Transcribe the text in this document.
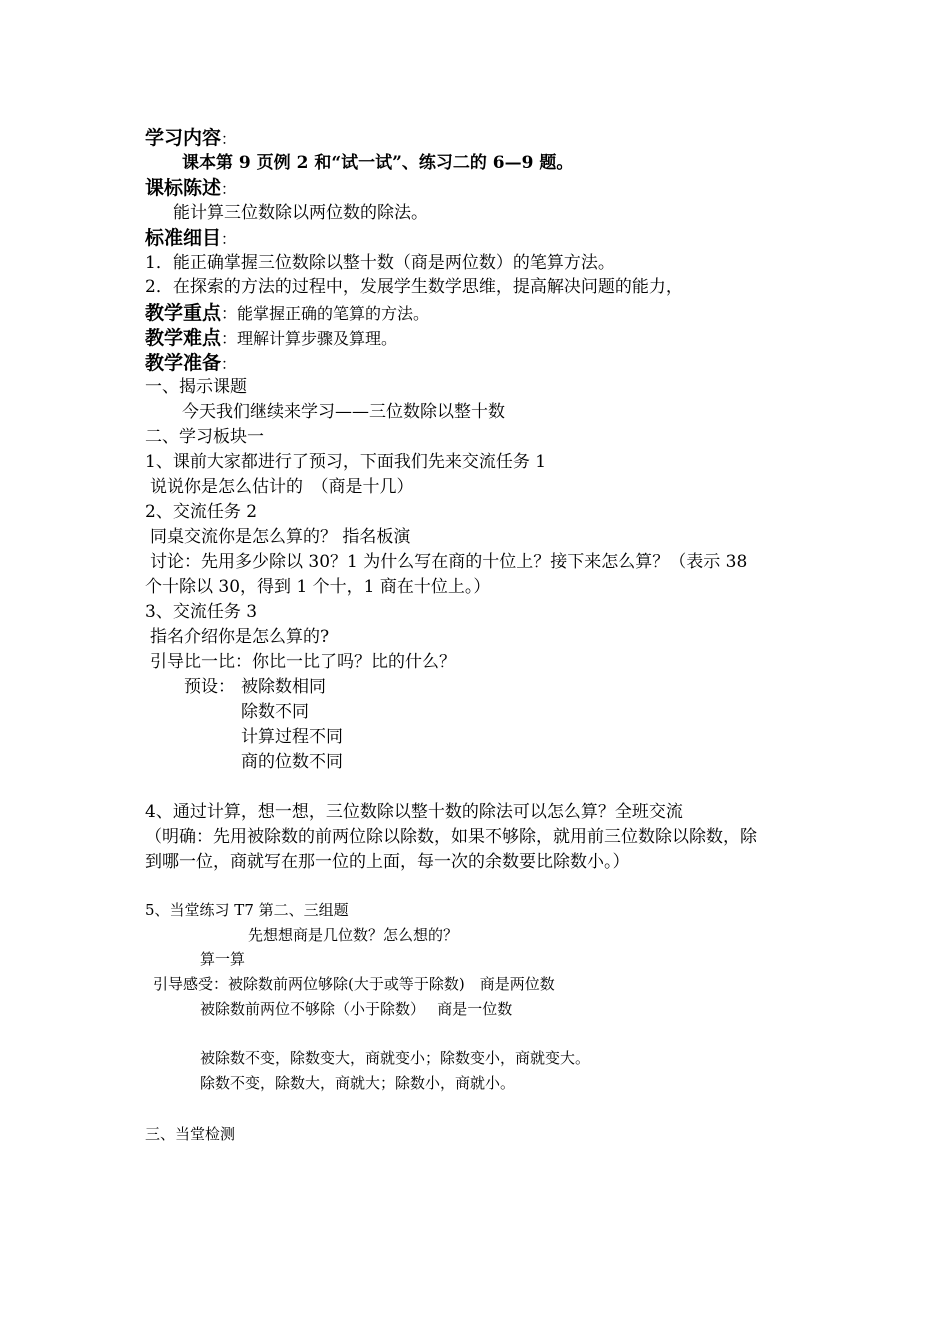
学习内容：
课本第 9 页例 2 和“试一试”、练习二的 6—9 题。
课标陈述：
能计算三位数除以两位数的除法。
标准细目：
1．能正确掌握三位数除以整十数（商是两位数）的笔算方法。
2．在探索的方法的过程中，发展学生数学思维，提高解决问题的能力，
教学重点：能掌握正确的笔算的方法。
教学难点：理解计算步骤及算理。
教学准备：
一、揭示课题
今天我们继续来学习——三位数除以整十数
二、学习板块一
1、课前大家都进行了预习，下面我们先来交流任务 1
说说你是怎么估计的　（商是十几）
2、交流任务 2
同桌交流你是怎么算的？ 指名板演
讨论：先用多少除以 30？1 为什么写在商的十位上？接下来怎么算？（表示 38
个十除以 30，得到 1 个十，1 商在十位上。）
3、交流任务 3
指名介绍你是怎么算的?
引导比一比：你比一比了吗？比的什么？
预设： 被除数相同
除数不同
计算过程不同
商的位数不同
4、通过计算，想一想，三位数除以整十数的除法可以怎么算？全班交流
（明确：先用被除数的前两位除以除数，如果不够除，就用前三位数除以除数，除
到哪一位，商就写在那一位的上面，每一次的余数要比除数小。）
5、当堂练习 T7 第二、三组题
先想想商是几位数？怎么想的？
算一算
引导感受：被除数前两位够除(大于或等于除数)　商是两位数
被除数前两位不够除（小于除数）　 商是一位数
被除数不变，除数变大，商就变小；除数变小，商就变大。
除数不变，除数大，商就大；除数小，商就小。
三、当堂检测
